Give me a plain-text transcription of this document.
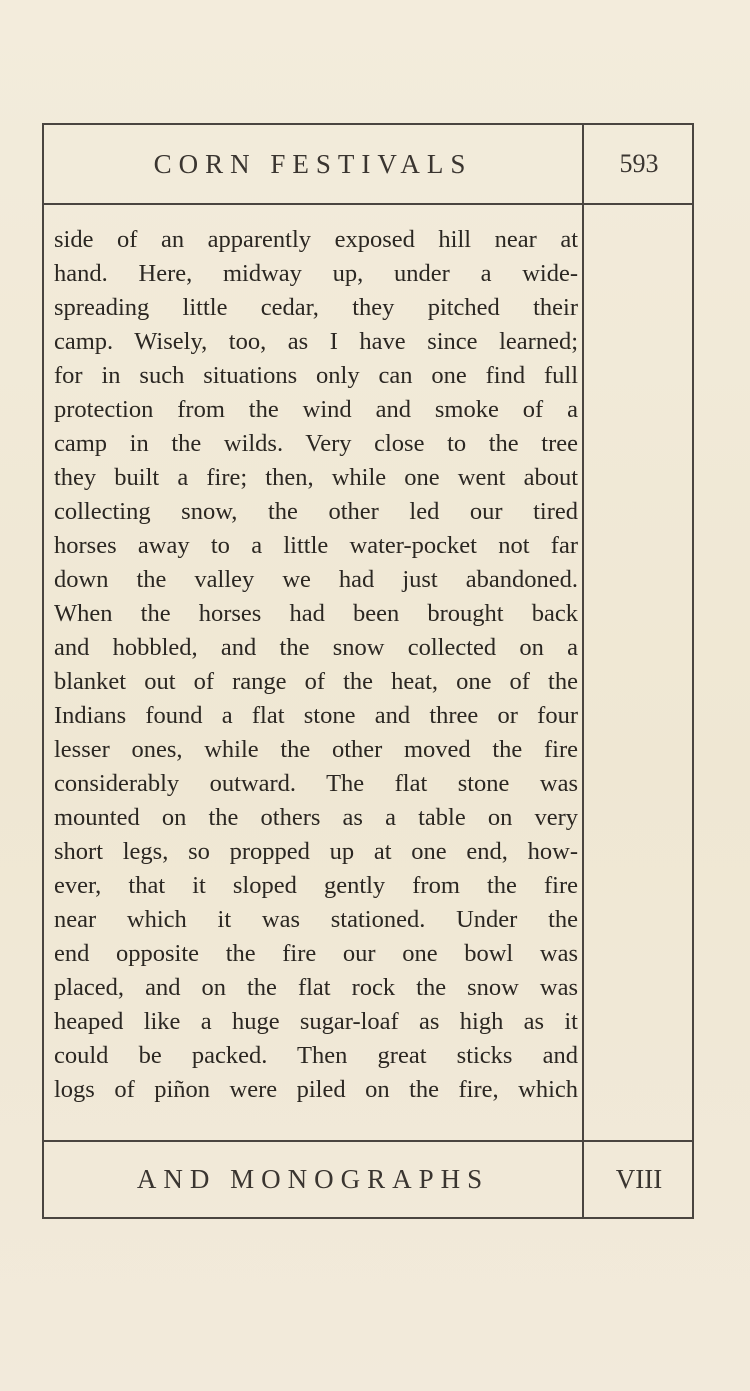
CORN FESTIVALS	593
side of an apparently exposed hill near at
hand. Here, midway up, under a wide-
spreading little cedar, they pitched their
camp. Wisely, too, as I have since learned;
for in such situations only can one find full
protection from the wind and smoke of a
camp in the wilds. Very close to the tree
they built a fire; then, while one went about
collecting snow, the other led our tired
horses away to a little water-pocket not far
down the valley we had just abandoned.
When the horses had been brought back
and hobbled, and the snow collected on a
blanket out of range of the heat, one of the
Indians found a flat stone and three or four
lesser ones, while the other moved the fire
considerably outward. The flat stone was
mounted on the others as a table on very
short legs, so propped up at one end, how-
ever, that it sloped gently from the fire
near which it was stationed. Under the
end opposite the fire our one bowl was
placed, and on the flat rock the snow was
heaped like a huge sugar-loaf as high as it
could be packed. Then great sticks and
logs of piñon were piled on the fire, which
AND MONOGRAPHS	VIII
